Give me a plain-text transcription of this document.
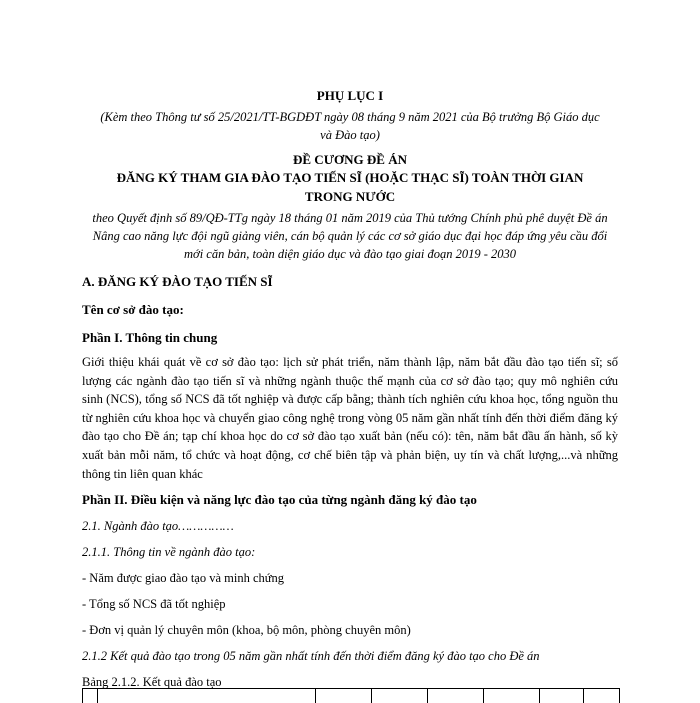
PHỤ LỤC I

(Kèm theo Thông tư số 25/2021/TT-BGDĐT ngày 08 tháng 9 năm 2021 của Bộ trưởng Bộ Giáo dục và Đào tạo)

ĐỀ CƯƠNG ĐỀ ÁN

ĐĂNG KÝ THAM GIA ĐÀO TẠO TIẾN SĨ (HOẶC THẠC SĨ) TOÀN THỜI GIAN TRONG NƯỚC

theo Quyết định số 89/QĐ-TTg ngày 18 tháng 01 năm 2019 của Thủ tướng Chính phủ phê duyệt Đề án Nâng cao năng lực đội ngũ giảng viên, cán bộ quản lý các cơ sở giáo dục đại học đáp ứng yêu cầu đổi mới căn bản, toàn diện giáo dục và đào tạo giai đoạn 2019 - 2030

A. ĐĂNG KÝ ĐÀO TẠO TIẾN SĨ

Tên cơ sở đào tạo:

Phần I. Thông tin chung

Giới thiệu khái quát về cơ sở đào tạo: lịch sử phát triển, năm thành lập, năm bắt đầu đào tạo tiến sĩ; số lượng các ngành đào tạo tiến sĩ và những ngành thuộc thế mạnh của cơ sở đào tạo; quy mô nghiên cứu sinh (NCS), tổng số NCS đã tốt nghiệp và được cấp bằng; thành tích nghiên cứu khoa học, tổng nguồn thu từ nghiên cứu khoa học và chuyển giao công nghệ trong vòng 05 năm gần nhất tính đến thời điểm đăng ký đào tạo cho Đề án; tạp chí khoa học do cơ sở đào tạo xuất bản (nếu có): tên, năm bắt đầu ấn hành, số kỳ xuất bản mỗi năm, tổ chức và hoạt động, cơ chế biên tập và phản biện, uy tín và chất lượng,...và những thông tin liên quan khác

Phần II. Điều kiện và năng lực đào tạo của từng ngành đăng ký đào tạo

2.1. Ngành đào tạo……………

2.1.1. Thông tin về ngành đào tạo:

- Năm được giao đào tạo và minh chứng

- Tổng số NCS đã tốt nghiệp

- Đơn vị quản lý chuyên môn (khoa, bộ môn, phòng chuyên môn)

2.1.2 Kết quả đào tạo trong 05 năm gần nhất tính đến thời điểm đăng ký đào tạo cho Đề án

Bảng 2.1.2. Kết quả đào tạo
